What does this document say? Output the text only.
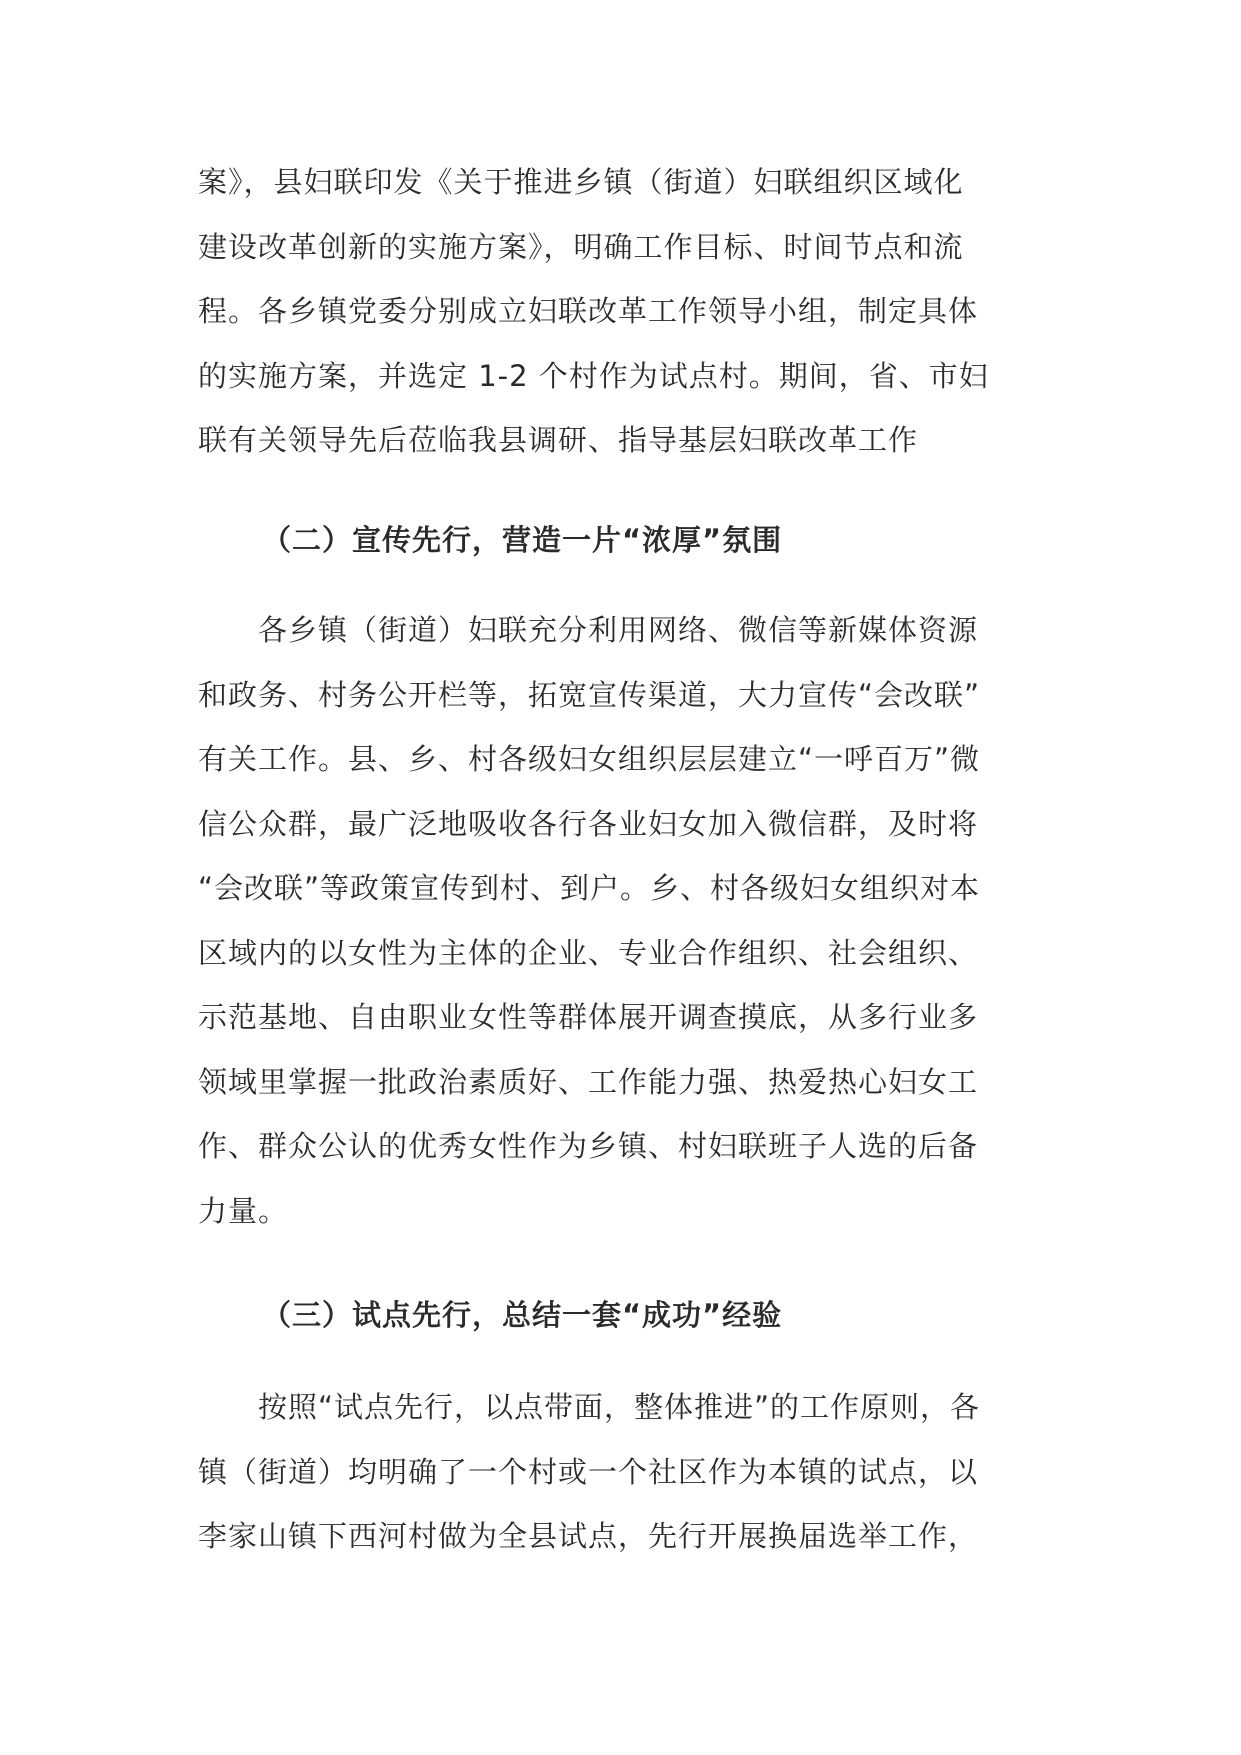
案》，县妇联印发《关于推进乡镇（街道）妇联组织区域化
建设改革创新的实施方案》，明确工作目标、时间节点和流
程。各乡镇党委分别成立妇联改革工作领导小组，制定具体
的实施方案，并选定 1-2 个村作为试点村。期间，省、市妇
联有关领导先后莅临我县调研、指导基层妇联改革工作
（二）宣传先行，营造一片“浓厚”氛围
　　各乡镇（街道）妇联充分利用网络、微信等新媒体资源
和政务、村务公开栏等，拓宽宣传渠道，大力宣传“会改联”
有关工作。县、乡、村各级妇女组织层层建立“一呼百万”微
信公众群，最广泛地吸收各行各业妇女加入微信群，及时将
“会改联”等政策宣传到村、到户。乡、村各级妇女组织对本
区域内的以女性为主体的企业、专业合作组织、社会组织、
示范基地、自由职业女性等群体展开调查摸底，从多行业多
领域里掌握一批政治素质好、工作能力强、热爱热心妇女工
作、群众公认的优秀女性作为乡镇、村妇联班子人选的后备
力量。
（三）试点先行，总结一套“成功”经验
　　按照“试点先行，以点带面，整体推进”的工作原则，各
镇（街道）均明确了一个村或一个社区作为本镇的试点，以
李家山镇下西河村做为全县试点，先行开展换届选举工作，
